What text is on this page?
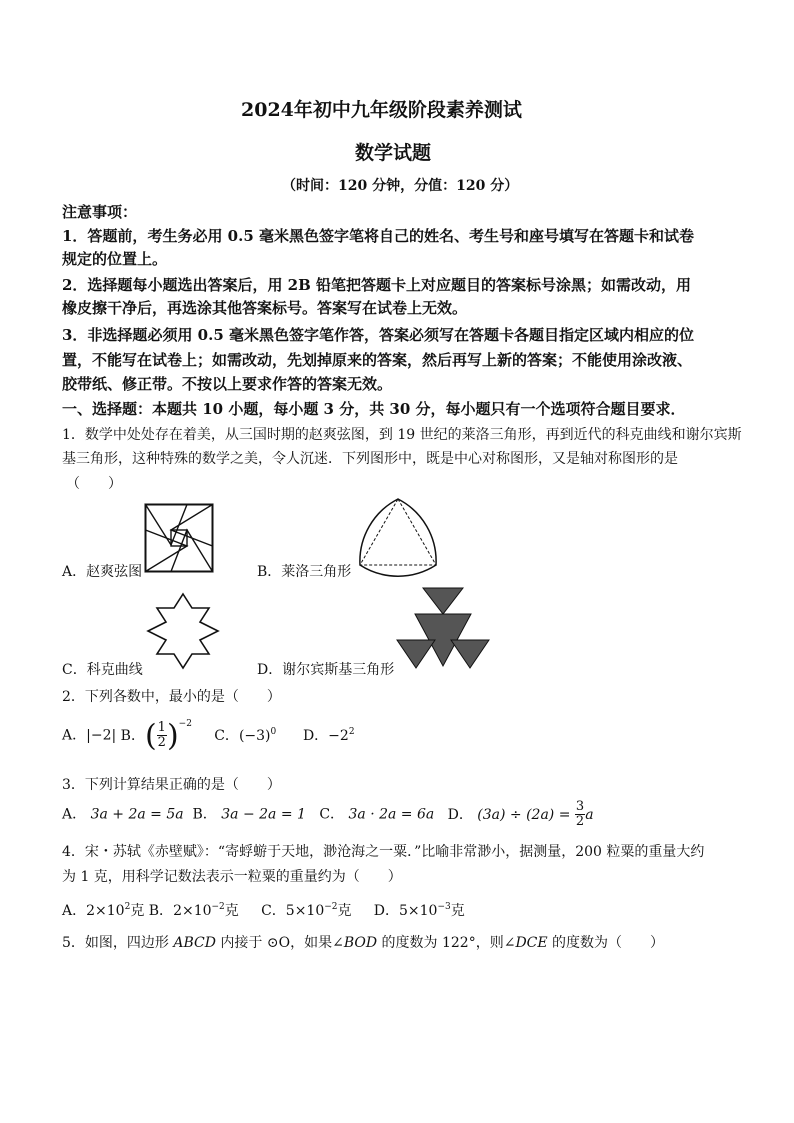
2024年初中九年级阶段素养测试
数学试题
（时间：120 分钟，分值：120 分）
注意事项：
1．答题前，考生务必用 0.5 毫米黑色签字笔将自己的姓名、考生号和座号填写在答题卡和试卷
规定的位置上。
2．选择题每小题选出答案后，用 2B 铅笔把答题卡上对应题目的答案标号涂黑；如需改动，用
橡皮擦干净后，再选涂其他答案标号。答案写在试卷上无效。
3．非选择题必须用 0.5 毫米黑色签字笔作答，答案必须写在答题卡各题目指定区域内相应的位
置，不能写在试卷上；如需改动，先划掉原来的答案，然后再写上新的答案；不能使用涂改液、
胶带纸、修正带。不按以上要求作答的答案无效。
一、选择题：本题共 10 小题，每小题 3 分，共 30 分，每小题只有一个选项符合题目要求．
1．数学中处处存在着美，从三国时期的赵爽弦图，到 19 世纪的莱洛三角形，再到近代的科克曲线和谢尔宾斯
基三角形，这种特殊的数学之美，令人沉迷．下列图形中，既是中心对称图形，又是轴对称图形的是
（　　）
A．赵爽弦图	B．莱洛三角形
C．科克曲线	D．谢尔宾斯基三角形
2．下列各数中，最小的是（　　）
A．|−2| B．( $\frac{1}{2} )^{-2}$     C．$(-3)^0$ D．$-2^2$
3．下列计算结果正确的是（　　）
A． 3a + 2a = 5a B． 3a − 2a = 1 C． 3a · 2a = 6a D． $(3a) \div (2a) = \frac{3}{2}$ a
4．宋・苏轼《赤壁赋》：“寄蜉蝣于天地，渺沧海之一粟．”比喻非常渺小，据测量，200 粒粟的重量大约
为 1 克，用科学记数法表示一粒粟的重量约为（　　）
A．$2\times 10^2$克 B．$2\times 10^{-2}$克 C．$5\times 10^{-2}$克 D．$5\times 10^{-3}$克
5．如图，四边形 ABCD 内接于 ⊙O，如果∠BOD 的度数为 122°，则∠DCE 的度数为（　　）
